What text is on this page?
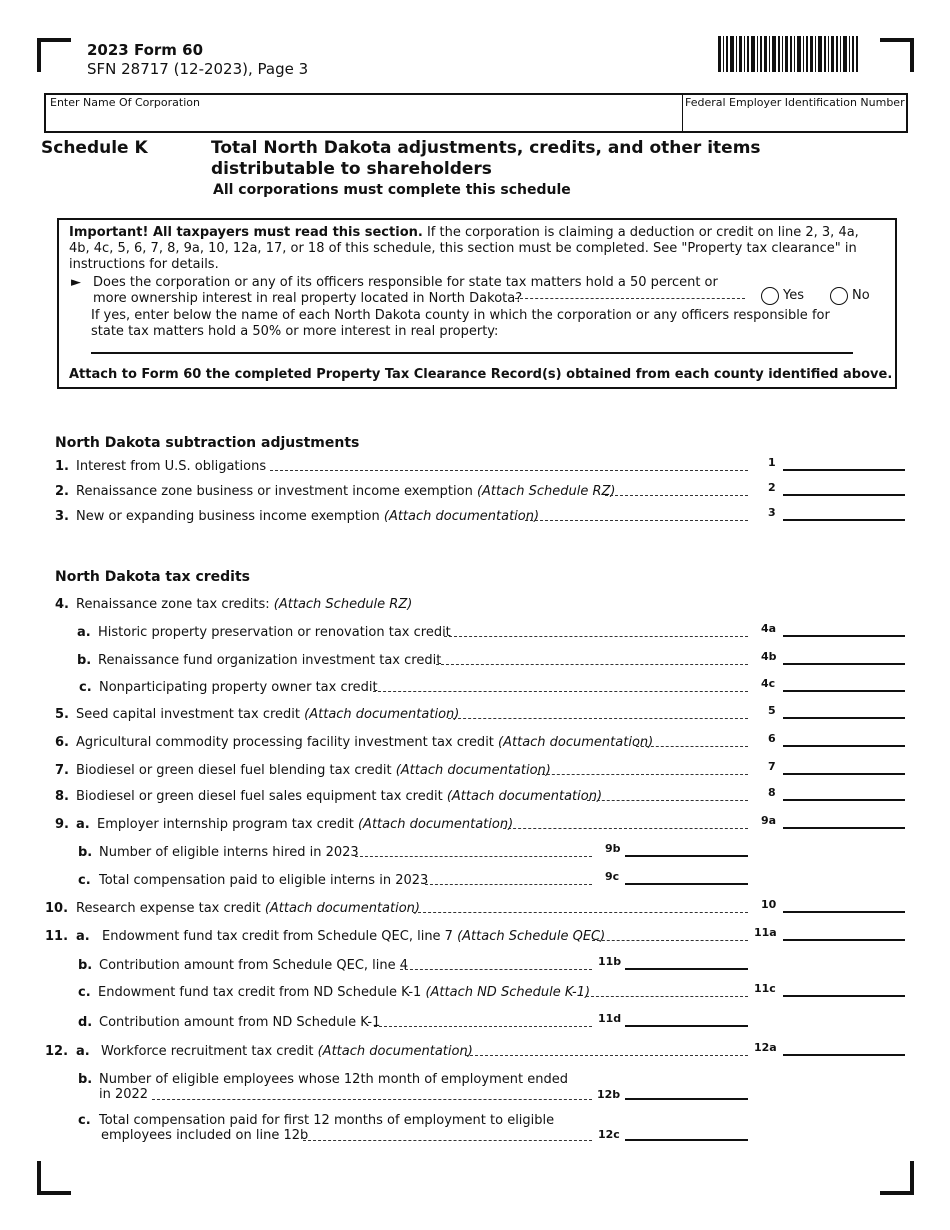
2023 Form 60
SFN 28717 (12-2023), Page 3
Enter Name Of Corporation	Federal Employer Identification Number
Schedule K	Total North Dakota adjustments, credits, and other items distributable to shareholders
All corporations must complete this schedule
Important! All taxpayers must read this section. If the corporation is claiming a deduction or credit on line 2, 3, 4a, 4b, 4c, 5, 6, 7, 8, 9a, 10, 12a, 17, or 18 of this schedule, this section must be completed. See "Property tax clearance" in instructions for details.
► Does the corporation or any of its officers responsible for state tax matters hold a 50 percent or more ownership interest in real property located in North Dakota?	Yes	No
If yes, enter below the name of each North Dakota county in which the corporation or any officers responsible for state tax matters hold a 50% or more interest in real property:
Attach to Form 60 the completed Property Tax Clearance Record(s) obtained from each county identified above.
North Dakota subtraction adjustments
1. Interest from U.S. obligations	1
2. Renaissance zone business or investment income exemption (Attach Schedule RZ)	2
3. New or expanding business income exemption (Attach documentation)	3
North Dakota tax credits
4. Renaissance zone tax credits: (Attach Schedule RZ)
a. Historic property preservation or renovation tax credit	4a
b. Renaissance fund organization investment tax credit	4b
c. Nonparticipating property owner tax credit	4c
5. Seed capital investment tax credit (Attach documentation)	5
6. Agricultural commodity processing facility investment tax credit (Attach documentation)	6
7. Biodiesel or green diesel fuel blending tax credit (Attach documentation)	7
8. Biodiesel or green diesel fuel sales equipment tax credit (Attach documentation)	8
9. a. Employer internship program tax credit (Attach documentation)	9a
b. Number of eligible interns hired in 2023	9b
c. Total compensation paid to eligible interns in 2023	9c
10. Research expense tax credit (Attach documentation)	10
11. a. Endowment fund tax credit from Schedule QEC, line 7 (Attach Schedule QEC)	11a
b. Contribution amount from Schedule QEC, line 4	11b
c. Endowment fund tax credit from ND Schedule K-1 (Attach ND Schedule K-1)	11c
d. Contribution amount from ND Schedule K-1	11d
12. a. Workforce recruitment tax credit (Attach documentation)	12a
b. Number of eligible employees whose 12th month of employment ended
in 2022	12b
c. Total compensation paid for first 12 months of employment to eligible
employees included on line 12b	12c
